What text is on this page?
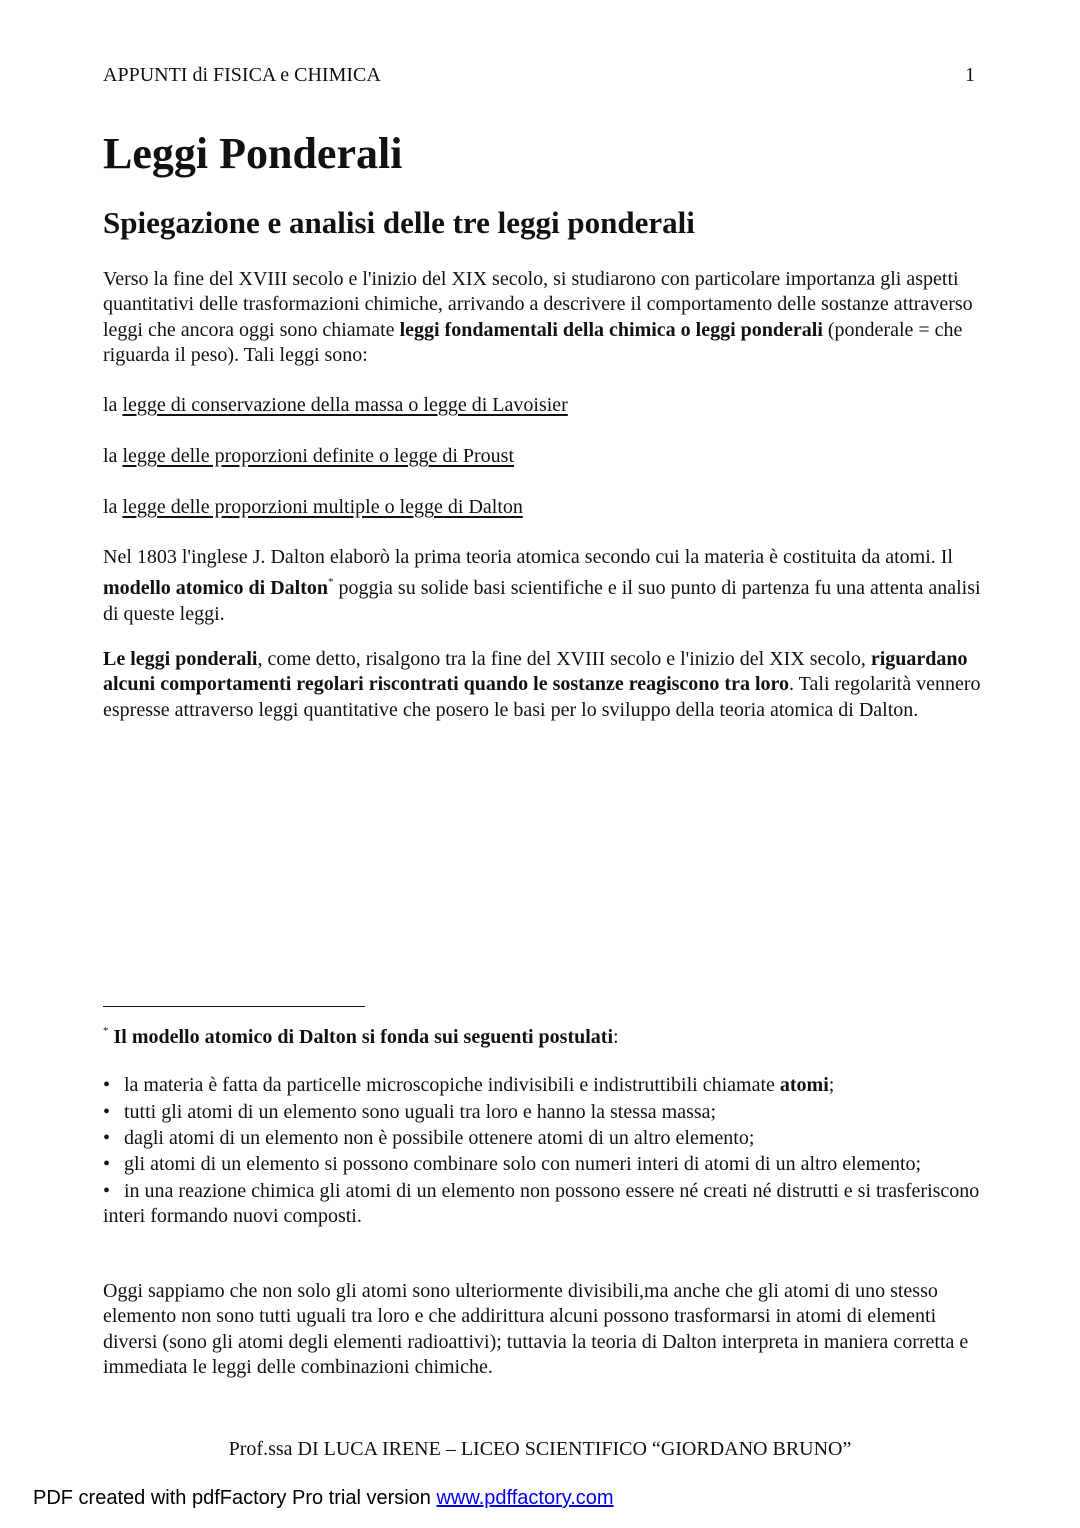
APPUNTI di FISICA e CHIMICA	1
Leggi Ponderali
Spiegazione e analisi delle tre leggi ponderali
Verso la fine del XVIII secolo e l'inizio del XIX secolo, si studiarono con particolare importanza gli aspetti quantitativi delle trasformazioni chimiche, arrivando a descrivere il comportamento delle sostanze attraverso leggi che ancora oggi sono chiamate leggi fondamentali della chimica o leggi ponderali (ponderale = che riguarda il peso). Tali leggi sono:
la legge di conservazione della massa o legge di Lavoisier
la legge delle proporzioni definite o legge di Proust
la legge delle proporzioni multiple o legge di Dalton
Nel 1803 l'inglese J. Dalton elaborò la prima teoria atomica secondo cui la materia è costituita da atomi. Il modello atomico di Dalton* poggia su solide basi scientifiche e il suo punto di partenza fu una attenta analisi di queste leggi.
Le leggi ponderali, come detto, risalgono tra la fine del XVIII secolo e l'inizio del XIX secolo, riguardano alcuni comportamenti regolari riscontrati quando le sostanze reagiscono tra loro. Tali regolarità vennero espresse attraverso leggi quantitative che posero le basi per lo sviluppo della teoria atomica di Dalton.
* Il modello atomico di Dalton si fonda sui seguenti postulati:
• la materia è fatta da particelle microscopiche indivisibili e indistruttibili chiamate atomi;
• tutti gli atomi di un elemento sono uguali tra loro e hanno la stessa massa;
• dagli atomi di un elemento non è possibile ottenere atomi di un altro elemento;
• gli atomi di un elemento si possono combinare solo con numeri interi di atomi di un altro elemento;
• in una reazione chimica gli atomi di un elemento non possono essere né creati né distrutti e si trasferiscono interi formando nuovi composti.
Oggi sappiamo che non solo gli atomi sono ulteriormente divisibili,ma anche che gli atomi di uno stesso elemento non sono tutti uguali tra loro e che addirittura alcuni possono trasformarsi in atomi di elementi diversi (sono gli atomi degli elementi radioattivi); tuttavia la teoria di Dalton interpreta in maniera corretta e immediata le leggi delle combinazioni chimiche.
Prof.ssa DI LUCA IRENE – LICEO SCIENTIFICO “GIORDANO BRUNO”
PDF created with pdfFactory Pro trial version www.pdffactory.com
